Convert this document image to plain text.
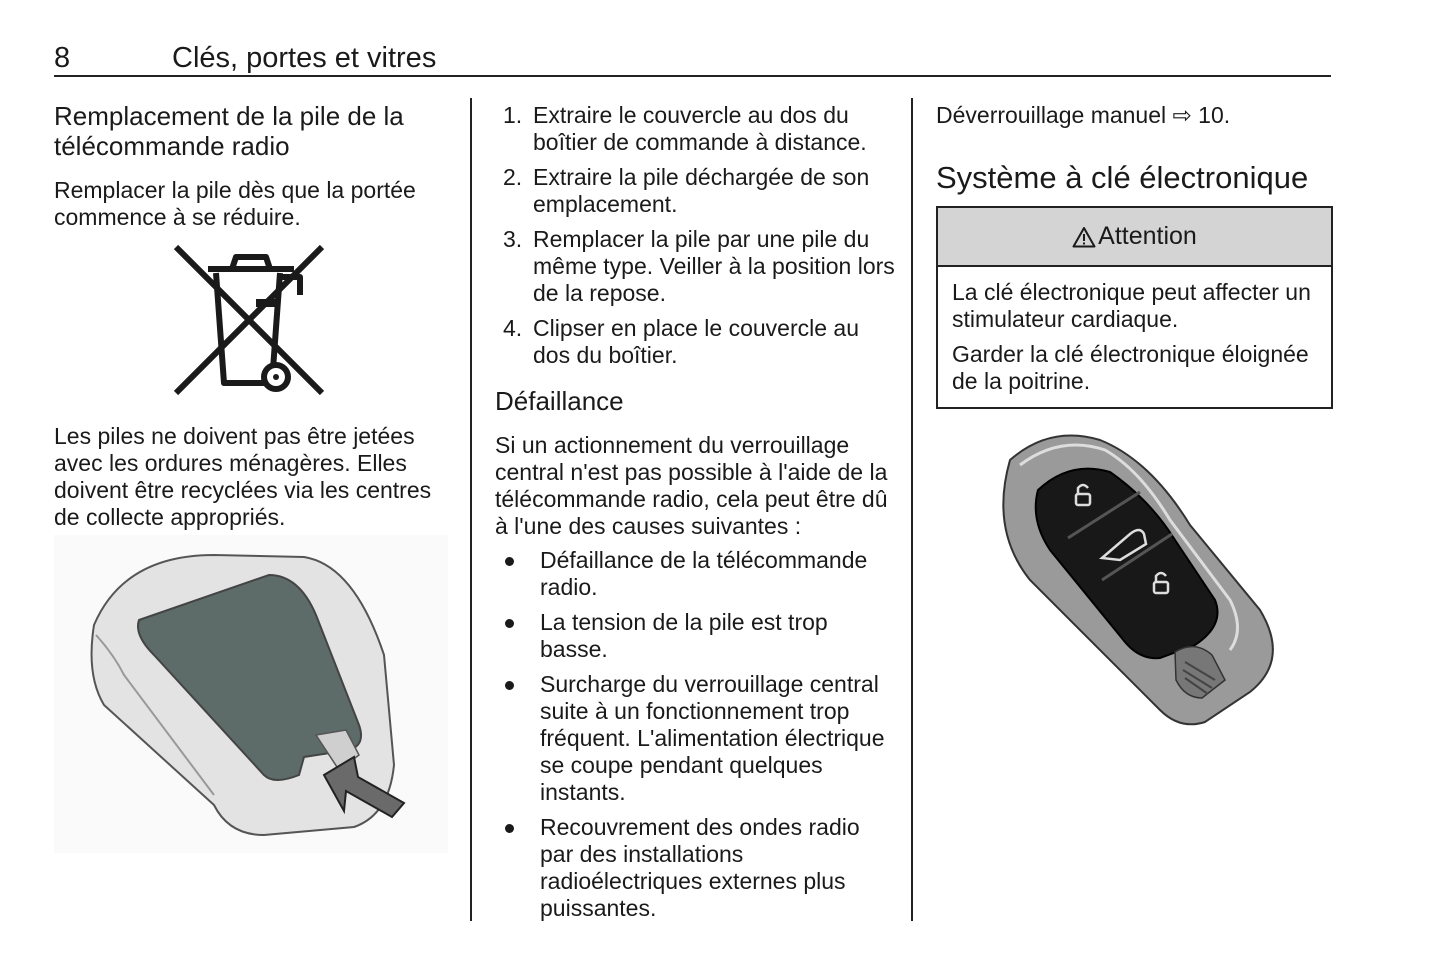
8	Clés, portes et vitres
Remplacement de la pile de la télécommande radio

Remplacer la pile dès que la portée commence à se réduire.

Les piles ne doivent pas être jetées avec les ordures ménagères. Elles doivent être recyclées via les centres de collecte appropriés.

1. Extraire le couvercle au dos du boîtier de commande à distance.
2. Extraire la pile déchargée de son emplacement.
3. Remplacer la pile par une pile du même type. Veiller à la position lors de la repose.
4. Clipser en place le couvercle au dos du boîtier.
Défaillance

Si un actionnement du verrouillage central n'est pas possible à l'aide de la télécommande radio, cela peut être dû à l'une des causes suivantes :

Défaillance de la télécommande radio.
La tension de la pile est trop basse.
Surcharge du verrouillage central suite à un fonctionnement trop fréquent. L'alimentation électrique se coupe pendant quelques instants.
Recouvrement des ondes radio par des installations radioélectriques externes plus puissantes.

Déverrouillage manuel ⇨ 10.

Système à clé électronique
Attention

La clé électronique peut affecter un stimulateur cardiaque.

Garder la clé électronique éloignée de la poitrine.
